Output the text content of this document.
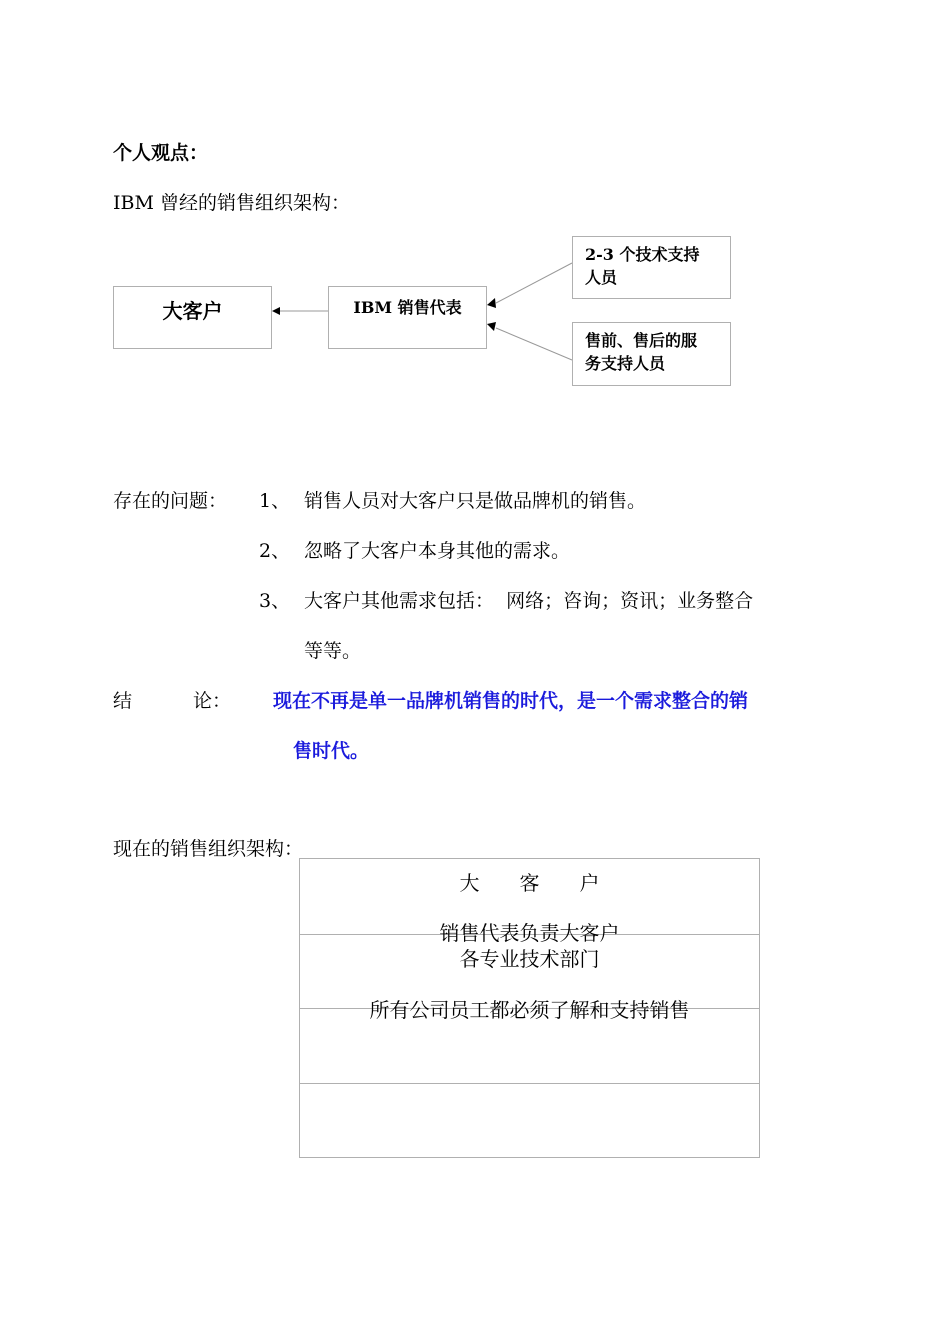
个人观点：
IBM 曾经的销售组织架构：
大客户	IBM 销售代表
2-3 个技术支持
人员
售前、售后的服
务支持人员
存在的问题： 1、 销售人员对大客户只是做品牌机的销售。
2、 忽略了大客户本身其他的需求。
3、 大客户其他需求包括：  网络；咨询；资讯；业务整合
等等。
结	论： 现在不再是单一品牌机销售的时代，是一个需求整合的销
售时代。
现在的销售组织架构：
大　　客　　户
销售代表负责大客户
各专业技术部门
所有公司员工都必须了解和支持销售
